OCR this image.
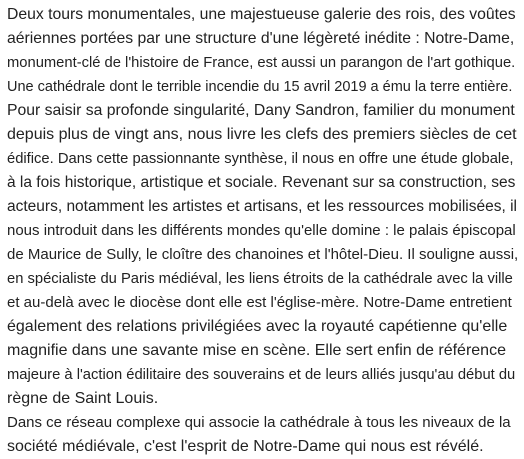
Deux tours monumentales, une majestueuse galerie des rois, des voûtes
aériennes portées par une structure d'une légèreté inédite : Notre-Dame,
monument-clé de l'histoire de France, est aussi un parangon de l'art gothique.
Une cathédrale dont le terrible incendie du 15 avril 2019 a ému la terre entière.
Pour saisir sa profonde singularité, Dany Sandron, familier du monument
depuis plus de vingt ans, nous livre les clefs des premiers siècles de cet
édifice. Dans cette passionnante synthèse, il nous en offre une étude globale,
à la fois historique, artistique et sociale. Revenant sur sa construction, ses
acteurs, notamment les artistes et artisans, et les ressources mobilisées, il
nous introduit dans les différents mondes qu'elle domine : le palais épiscopal
de Maurice de Sully, le cloître des chanoines et l'hôtel-Dieu. Il souligne aussi,
en spécialiste du Paris médiéval, les liens étroits de la cathédrale avec la ville
et au-delà avec le diocèse dont elle est l'église-mère. Notre-Dame entretient
également des relations privilégiées avec la royauté capétienne qu'elle
magnifie dans une savante mise en scène. Elle sert enfin de référence
majeure à l'action édilitaire des souverains et de leurs alliés jusqu'au début du
règne de Saint Louis.
Dans ce réseau complexe qui associe la cathédrale à tous les niveaux de la
société médiévale, c'est l'esprit de Notre-Dame qui nous est révélé.
